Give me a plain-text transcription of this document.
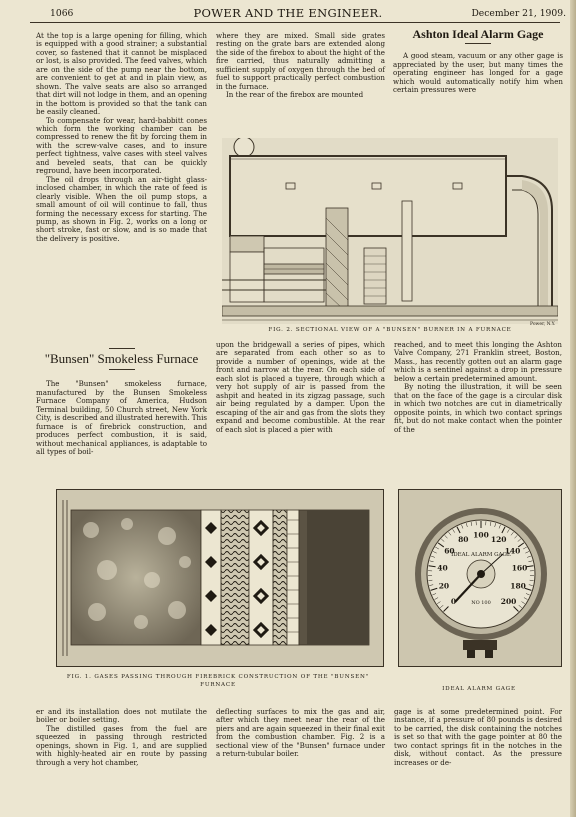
1066	POWER AND THE ENGINEER.	December 21, 1909.

At the top is a large opening for filling, which is equipped with a good strainer; a substantial cover, so fastened that it cannot be misplaced or lost, is also provided. The feed valves, which are on the side of the pump near the bottom, are convenient to get at and in plain view, as shown. The valve seats are also so arranged that dirt will not lodge in them, and an opening in the bottom is provided so that the tank can be easily cleaned.

To compensate for wear, hard-babbitt cones which form the working chamber can be compressed to renew the fit by forcing them in with the screw-valve cases, and to insure perfect tightness, valve cases with steel valves and beveled seats, that can be quickly reground, have been incorporated.

The oil drops through an air-tight glass-inclosed chamber, in which the rate of feed is clearly visible. When the oil pump stops, a small amount of oil will continue to fall, thus forming the necessary excess for starting. The pump, as shown in Fig. 2, works on a long or short stroke, fast or slow, and is so made that the delivery is positive.

where they are mixed. Small side grates resting on the grate bars are extended along the side of the firebox to about the hight of the fire carried, thus naturally admitting a sufficient supply of oxygen through the bed of fuel to support practically perfect combustion in the furnace.

In the rear of the firebox are mounted

Ashton Ideal Alarm Gage

A good steam, vacuum or any other gage is appreciated by the user, but many times the operating engineer has longed for a gage which would automatically notify him when certain pressures were

Power, N.Y.
FIG. 2. SECTIONAL VIEW OF A "BUNSEN" BURNER IN A FURNACE
"Bunsen" Smokeless Furnace

The "Bunsen" smokeless furnace, manufactured by the Bunsen Smokeless Furnace Company of America, Hudson Terminal building, 50 Church street, New York City, is described and illustrated herewith. This furnace is of firebrick construction, and produces perfect combustion, it is said, without mechanical appliances, is adaptable to all types of boil-

upon the bridgewall a series of pipes, which are separated from each other so as to provide a number of openings, wide at the front and narrow at the rear. On each side of each slot is placed a tuyere, through which a very hot supply of air is passed from the ashpit and heated in its zigzag passage, such air being regulated by a damper. Upon the escaping of the air and gas from the slots they expand and become combustible. At the rear of each slot is placed a pier with

reached, and to meet this longing the Ashton Valve Company, 271 Franklin street, Boston, Mass., has recently gotten out an alarm gage which is a sentinel against a drop in pressure below a certain predetermined amount.

By noting the illustration, it will be seen that on the face of the gage is a circular disk in which two notches are cut in diametrically opposite points, in which two contact springs fit, but do not make contact when the pointer of the

FIG. 1. GASES PASSING THROUGH FIREBRICK CONSTRUCTION OF THE "BUNSEN"
FURNACE
0
20
40
60
80 100 120
140
160
180
200
IDEAL ALARM GAGE
NO 100
IDEAL ALARM GAGE

er and its installation does not mutilate the boiler or boiler setting.

The distilled gases from the fuel are squeezed in passing through restricted openings, shown in Fig. 1, and are supplied with highly-heated air en route by passing through a very hot chamber,

deflecting surfaces to mix the gas and air, after which they meet near the rear of the piers and are again squeezed in their final exit from the combustion chamber. Fig. 2 is a sectional view of the "Bunsen" furnace under a return-tubular boiler.

gage is at some predetermined point. For instance, if a pressure of 80 pounds is desired to be carried, the disk containing the notches is set so that with the gage pointer at 80 the two contact springs fit in the notches in the disk, without contact. As the pressure increases or de-
